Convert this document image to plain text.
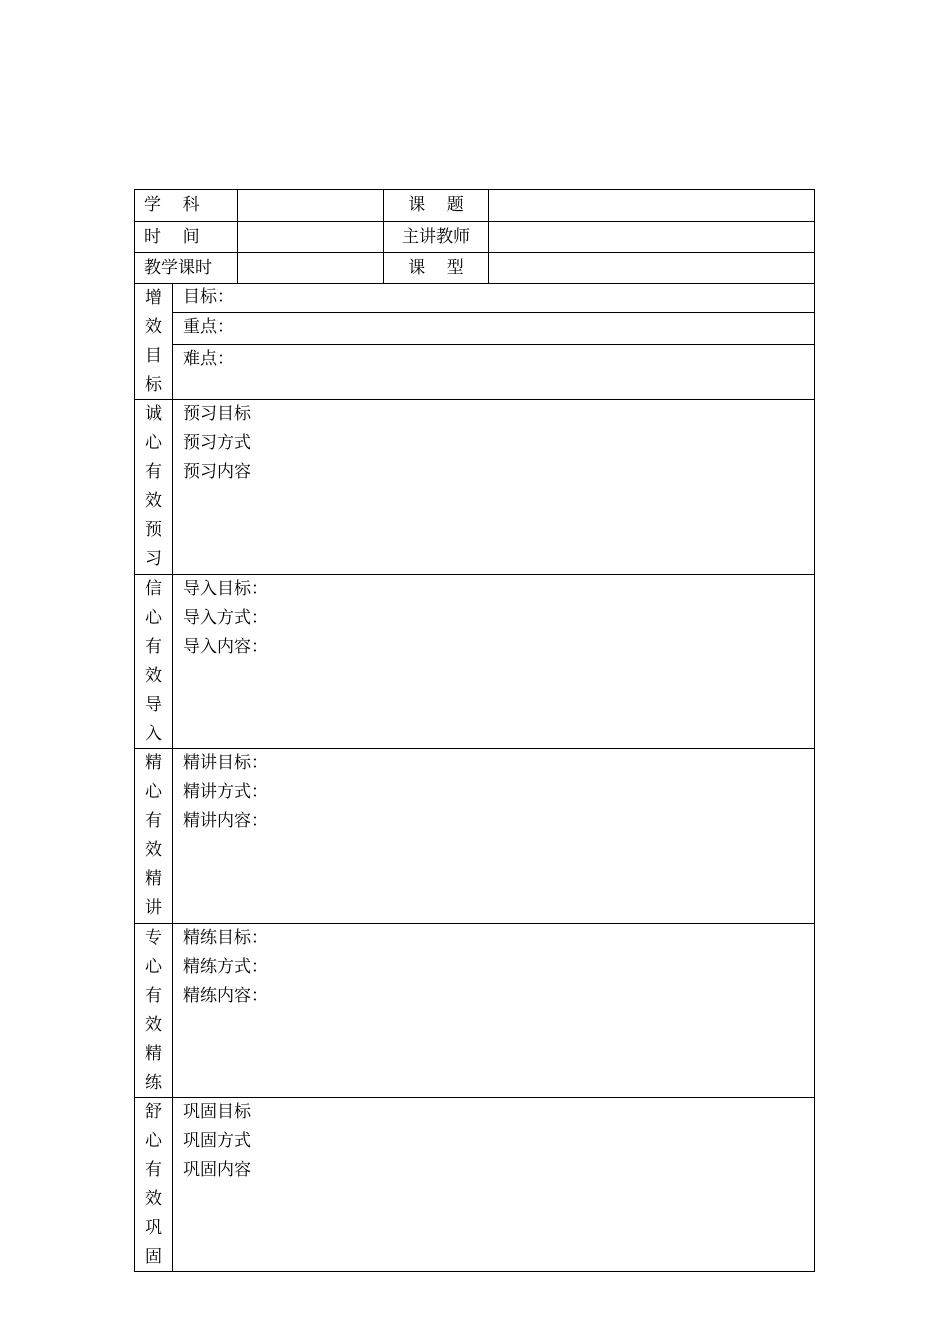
学    科	课    题
时    间	主讲教师
教学课时	课    型
增
效
目
标
目标：
重点：
难点：
诚
心
有
效
预
习
预习目标
预习方式
预习内容
信
心
有
效
导
入
导入目标：
导入方式：
导入内容：
精
心
有
效
精
讲
精讲目标：
精讲方式：
精讲内容：
专
心
有
效
精
练
精练目标：
精练方式：
精练内容：
舒
心
有
效
巩
固
巩固目标
巩固方式
巩固内容
